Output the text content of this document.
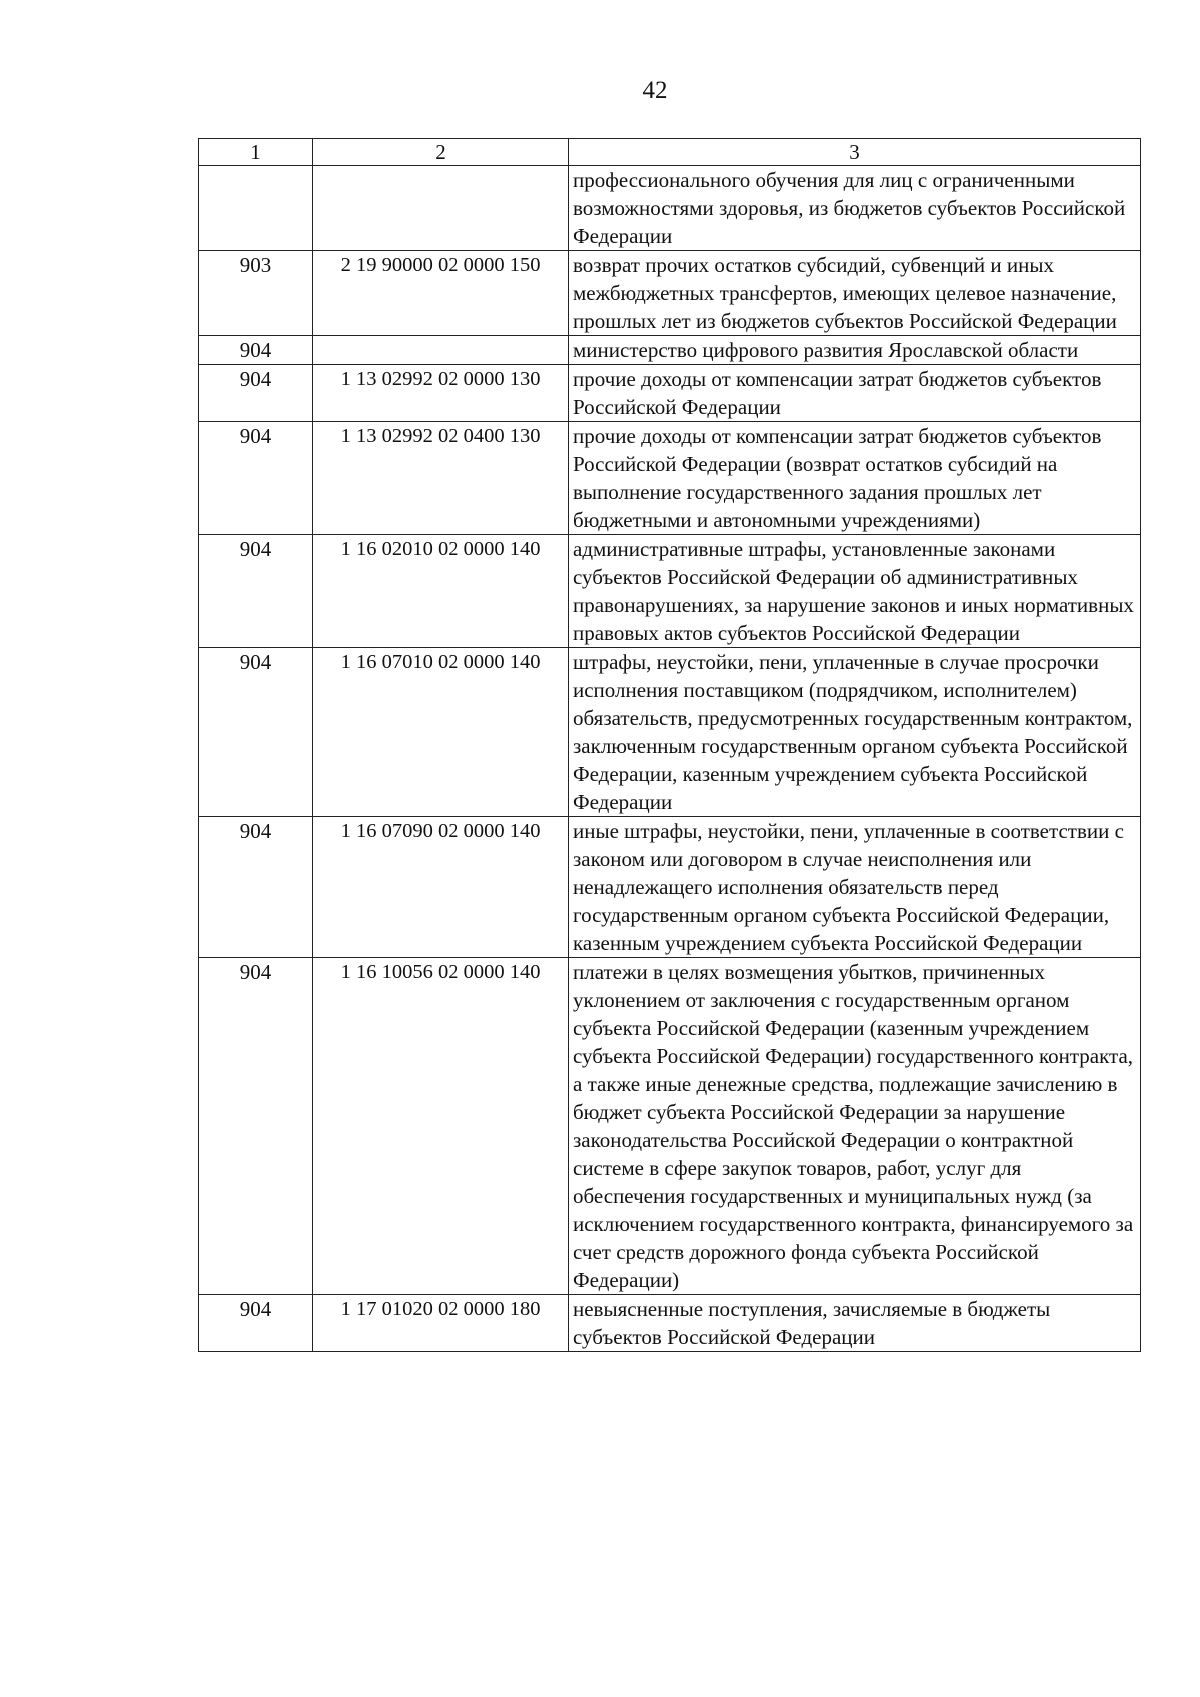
42
1	2	3
		профессионального обучения для лиц с ограниченными возможностями здоровья, из бюджетов субъектов Российской Федерации
903	2 19 90000 02 0000 150	возврат прочих остатков субсидий, субвенций и иных межбюджетных трансфертов, имеющих целевое назначение, прошлых лет из бюджетов субъектов Российской Федерации
904		министерство цифрового развития Ярославской области
904	1 13 02992 02 0000 130	прочие доходы от компенсации затрат бюджетов субъектов Российской Федерации
904	1 13 02992 02 0400 130	прочие доходы от компенсации затрат бюджетов субъектов Российской Федерации (возврат остатков субсидий на выполнение государственного задания прошлых лет бюджетными и автономными учреждениями)
904	1 16 02010 02 0000 140	административные штрафы, установленные законами субъектов Российской Федерации об административных правонарушениях, за нарушение законов и иных нормативных правовых актов субъектов Российской Федерации
904	1 16 07010 02 0000 140	штрафы, неустойки, пени, уплаченные в случае просрочки исполнения поставщиком (подрядчиком, исполнителем) обязательств, предусмотренных государственным контрактом, заключенным государственным органом субъекта Российской Федерации, казенным учреждением субъекта Российской Федерации
904	1 16 07090 02 0000 140	иные штрафы, неустойки, пени, уплаченные в соответствии с законом или договором в случае неисполнения или ненадлежащего исполнения обязательств перед государственным органом субъекта Российской Федерации, казенным учреждением субъекта Российской Федерации
904	1 16 10056 02 0000 140	платежи в целях возмещения убытков, причиненных уклонением от заключения с государственным органом субъекта Российской Федерации (казенным учреждением субъекта Российской Федерации) государственного контракта, а также иные денежные средства, подлежащие зачислению в бюджет субъекта Российской Федерации за нарушение законодательства Российской Федерации о контрактной системе в сфере закупок товаров, работ, услуг для обеспечения государственных и муниципальных нужд (за исключением государственного контракта, финансируемого за счет средств дорожного фонда субъекта Российской Федерации)
904	1 17 01020 02 0000 180	невыясненные поступления, зачисляемые в бюджеты субъектов Российской Федерации
